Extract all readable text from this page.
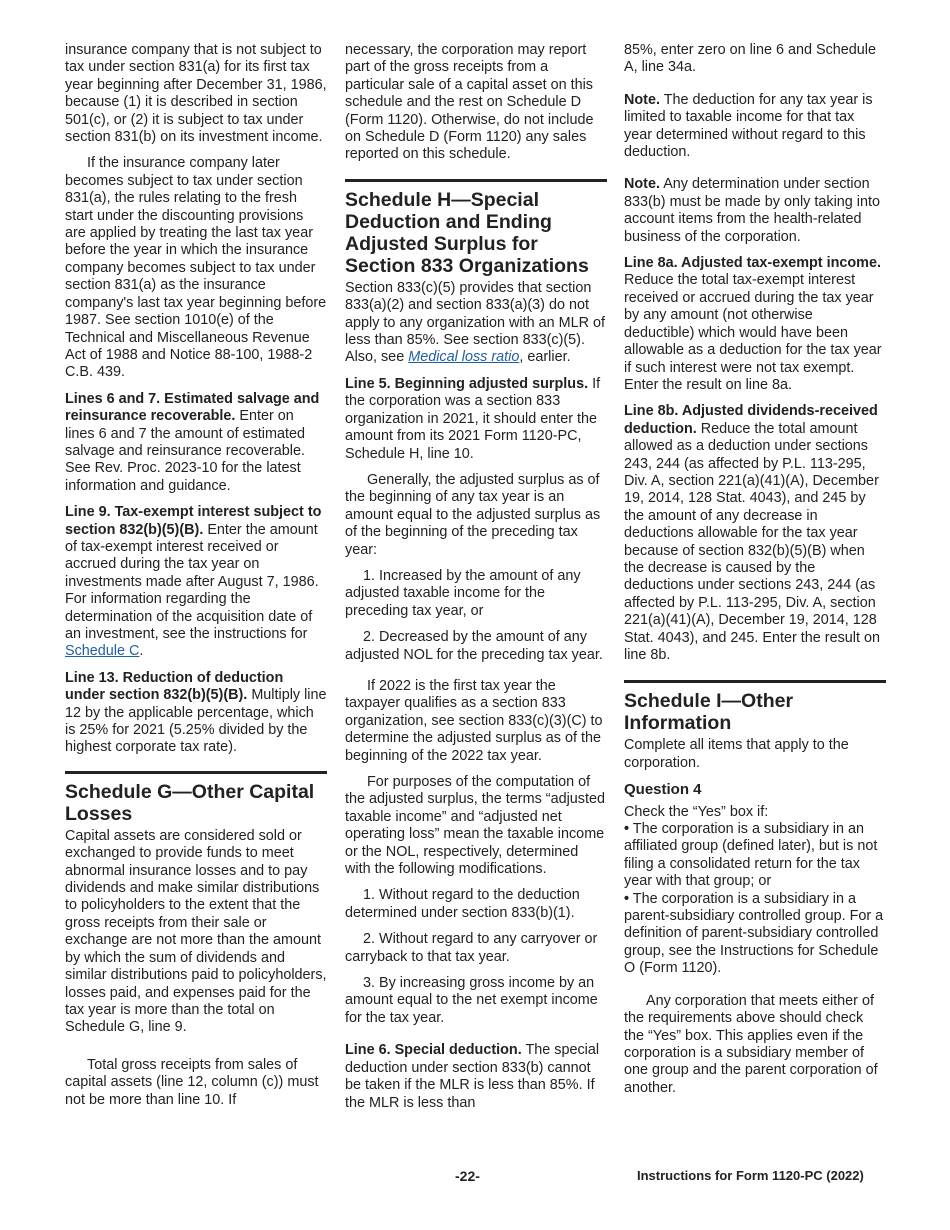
insurance company that is not subject to tax under section 831(a) for its first tax year beginning after December 31, 1986, because (1) it is described in section 501(c), or (2) it is subject to tax under section 831(b) on its investment income.

If the insurance company later becomes subject to tax under section 831(a), the rules relating to the fresh start under the discounting provisions are applied by treating the last tax year before the year in which the insurance company becomes subject to tax under section 831(a) as the insurance company's last tax year beginning before 1987. See section 1010(e) of the Technical and Miscellaneous Revenue Act of 1988 and Notice 88-100, 1988-2 C.B. 439.

Lines 6 and 7. Estimated salvage and reinsurance recoverable. Enter on lines 6 and 7 the amount of estimated salvage and reinsurance recoverable. See Rev. Proc. 2023-10 for the latest information and guidance.

Line 9. Tax-exempt interest subject to section 832(b)(5)(B). Enter the amount of tax-exempt interest received or accrued during the tax year on investments made after August 7, 1986. For information regarding the determination of the acquisition date of an investment, see the instructions for Schedule C.

Line 13. Reduction of deduction under section 832(b)(5)(B). Multiply line 12 by the applicable percentage, which is 25% for 2021 (5.25% divided by the highest corporate tax rate).

Schedule G—Other Capital Losses

Capital assets are considered sold or exchanged to provide funds to meet abnormal insurance losses and to pay dividends and make similar distributions to policyholders to the extent that the gross receipts from their sale or exchange are not more than the amount by which the sum of dividends and similar distributions paid to policyholders, losses paid, and expenses paid for the tax year is more than the total on Schedule G, line 9.

Total gross receipts from sales of capital assets (line 12, column (c)) must not be more than line 10. If

necessary, the corporation may report part of the gross receipts from a particular sale of a capital asset on this schedule and the rest on Schedule D (Form 1120). Otherwise, do not include on Schedule D (Form 1120) any sales reported on this schedule.

Schedule H—Special Deduction and Ending Adjusted Surplus for Section 833 Organizations

Section 833(c)(5) provides that section 833(a)(2) and section 833(a)(3) do not apply to any organization with an MLR of less than 85%. See section 833(c)(5). Also, see Medical loss ratio, earlier.

Line 5. Beginning adjusted surplus. If the corporation was a section 833 organization in 2021, it should enter the amount from its 2021 Form 1120-PC, Schedule H, line 10.

Generally, the adjusted surplus as of the beginning of any tax year is an amount equal to the adjusted surplus as of the beginning of the preceding tax year:

1. Increased by the amount of any adjusted taxable income for the preceding tax year, or

2. Decreased by the amount of any adjusted NOL for the preceding tax year.

If 2022 is the first tax year the taxpayer qualifies as a section 833 organization, see section 833(c)(3)(C) to determine the adjusted surplus as of the beginning of the 2022 tax year.

For purposes of the computation of the adjusted surplus, the terms “adjusted taxable income” and “adjusted net operating loss” mean the taxable income or the NOL, respectively, determined with the following modifications.

1. Without regard to the deduction determined under section 833(b)(1).

2. Without regard to any carryover or carryback to that tax year.

3. By increasing gross income by an amount equal to the net exempt income for the tax year.

Line 6. Special deduction. The special deduction under section 833(b) cannot be taken if the MLR is less than 85%. If the MLR is less than

85%, enter zero on line 6 and Schedule A, line 34a.

Note. The deduction for any tax year is limited to taxable income for that tax year determined without regard to this deduction.

Note. Any determination under section 833(b) must be made by only taking into account items from the health-related business of the corporation.

Line 8a. Adjusted tax-exempt income. Reduce the total tax-exempt interest received or accrued during the tax year by any amount (not otherwise deductible) which would have been allowable as a deduction for the tax year if such interest were not tax exempt. Enter the result on line 8a.

Line 8b. Adjusted dividends-received deduction. Reduce the total amount allowed as a deduction under sections 243, 244 (as affected by P.L. 113-295, Div. A, section 221(a)(41)(A), December 19, 2014, 128 Stat. 4043), and 245 by the amount of any decrease in deductions allowable for the tax year because of section 832(b)(5)(B) when the decrease is caused by the deductions under sections 243, 244 (as affected by P.L. 113-295, Div. A, section 221(a)(41)(A), December 19, 2014, 128 Stat. 4043), and 245. Enter the result on line 8b.

Schedule I—Other Information

Complete all items that apply to the corporation.

Question 4

Check the “Yes” box if:

• The corporation is a subsidiary in an affiliated group (defined later), but is not filing a consolidated return for the tax year with that group; or

• The corporation is a subsidiary in a parent-subsidiary controlled group. For a definition of parent-subsidiary controlled group, see the Instructions for Schedule O (Form 1120).

Any corporation that meets either of the requirements above should check the “Yes” box. This applies even if the corporation is a subsidiary member of one group and the parent corporation of another.

-22-	Instructions for Form 1120-PC (2022)
